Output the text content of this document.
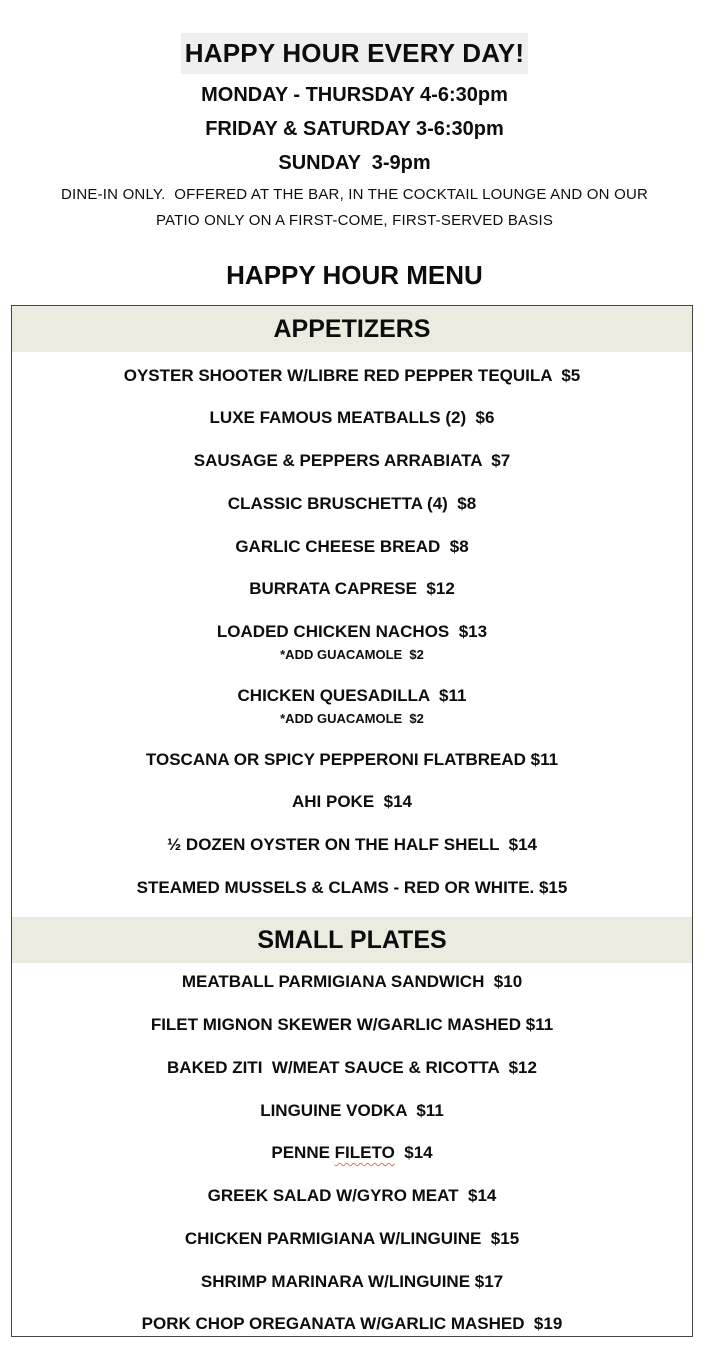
HAPPY HOUR EVERY DAY!
MONDAY - THURSDAY 4-6:30pm
FRIDAY & SATURDAY 3-6:30pm
SUNDAY  3-9pm
DINE-IN ONLY.  OFFERED AT THE BAR, IN THE COCKTAIL LOUNGE AND ON OUR
PATIO ONLY ON A FIRST-COME, FIRST-SERVED BASIS
HAPPY HOUR MENU
APPETIZERS
OYSTER SHOOTER W/LIBRE RED PEPPER TEQUILA  $5
LUXE FAMOUS MEATBALLS (2)  $6
SAUSAGE & PEPPERS ARRABIATA  $7
CLASSIC BRUSCHETTA (4)  $8
GARLIC CHEESE BREAD  $8
BURRATA CAPRESE  $12
LOADED CHICKEN NACHOS  $13
*ADD GUACAMOLE  $2
CHICKEN QUESADILLA  $11
*ADD GUACAMOLE  $2
TOSCANA OR SPICY PEPPERONI FLATBREAD $11
AHI POKE  $14
½ DOZEN OYSTER ON THE HALF SHELL  $14
STEAMED MUSSELS & CLAMS - RED OR WHITE. $15
SMALL PLATES
MEATBALL PARMIGIANA SANDWICH  $10
FILET MIGNON SKEWER W/GARLIC MASHED $11
BAKED ZITI  W/MEAT SAUCE & RICOTTA  $12
LINGUINE VODKA  $11
PENNE FILETO  $14
GREEK SALAD W/GYRO MEAT  $14
CHICKEN PARMIGIANA W/LINGUINE  $15
SHRIMP MARINARA W/LINGUINE $17
PORK CHOP OREGANATA W/GARLIC MASHED  $19
